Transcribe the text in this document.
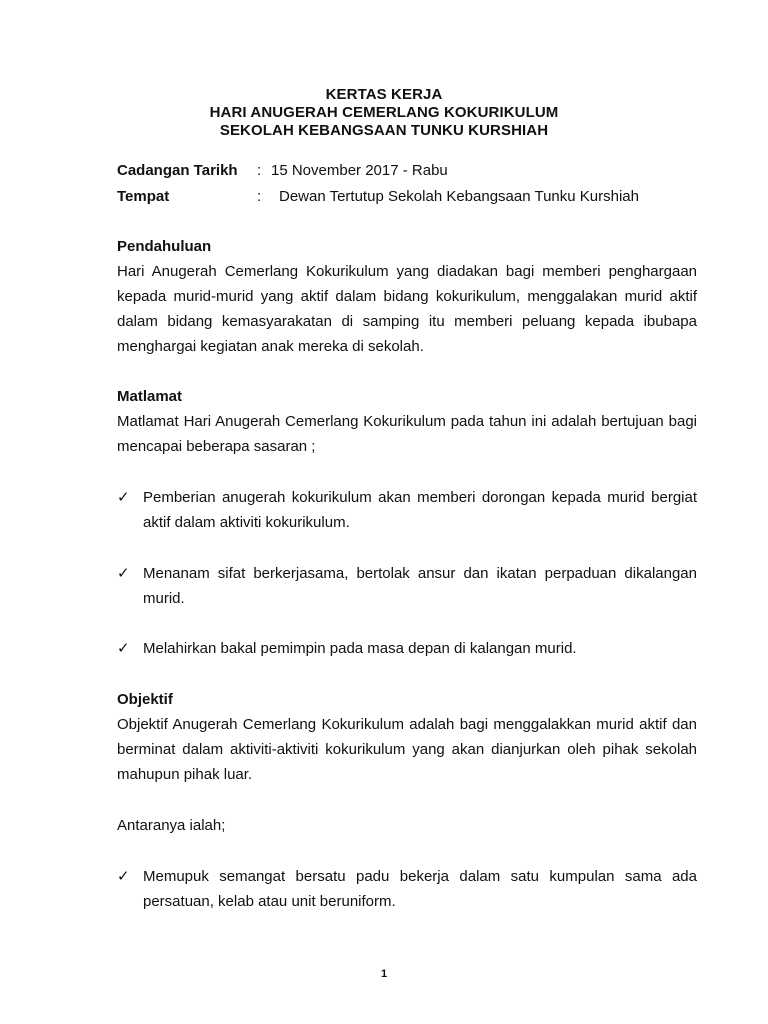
KERTAS KERJA
HARI ANUGERAH CEMERLANG KOKURIKULUM
SEKOLAH KEBANGSAAN TUNKU KURSHIAH
Cadangan Tarikh : 15 November 2017 - Rabu
Tempat	: Dewan Tertutup Sekolah Kebangsaan Tunku Kurshiah
Pendahuluan

Hari Anugerah Cemerlang Kokurikulum yang diadakan bagi memberi penghargaan kepada murid-murid yang aktif dalam bidang kokurikulum, menggalakan murid aktif dalam bidang kemasyarakatan di samping itu memberi peluang kepada ibubapa menghargai kegiatan anak mereka di sekolah.

Matlamat

Matlamat Hari Anugerah Cemerlang Kokurikulum pada tahun ini adalah bertujuan bagi mencapai beberapa sasaran ;

✓ Pemberian anugerah kokurikulum akan memberi dorongan kepada murid bergiat aktif dalam aktiviti kokurikulum.
✓ Menanam sifat berkerjasama, bertolak ansur dan ikatan perpaduan dikalangan murid.
✓ Melahirkan bakal pemimpin pada masa depan di kalangan murid.
Objektif

Objektif Anugerah Cemerlang Kokurikulum adalah bagi menggalakkan murid aktif dan berminat dalam aktiviti-aktiviti kokurikulum yang akan dianjurkan oleh pihak sekolah mahupun pihak luar.

Antaranya ialah;

✓ Memupuk semangat bersatu padu bekerja dalam satu kumpulan sama ada persatuan, kelab atau unit beruniform.
1
